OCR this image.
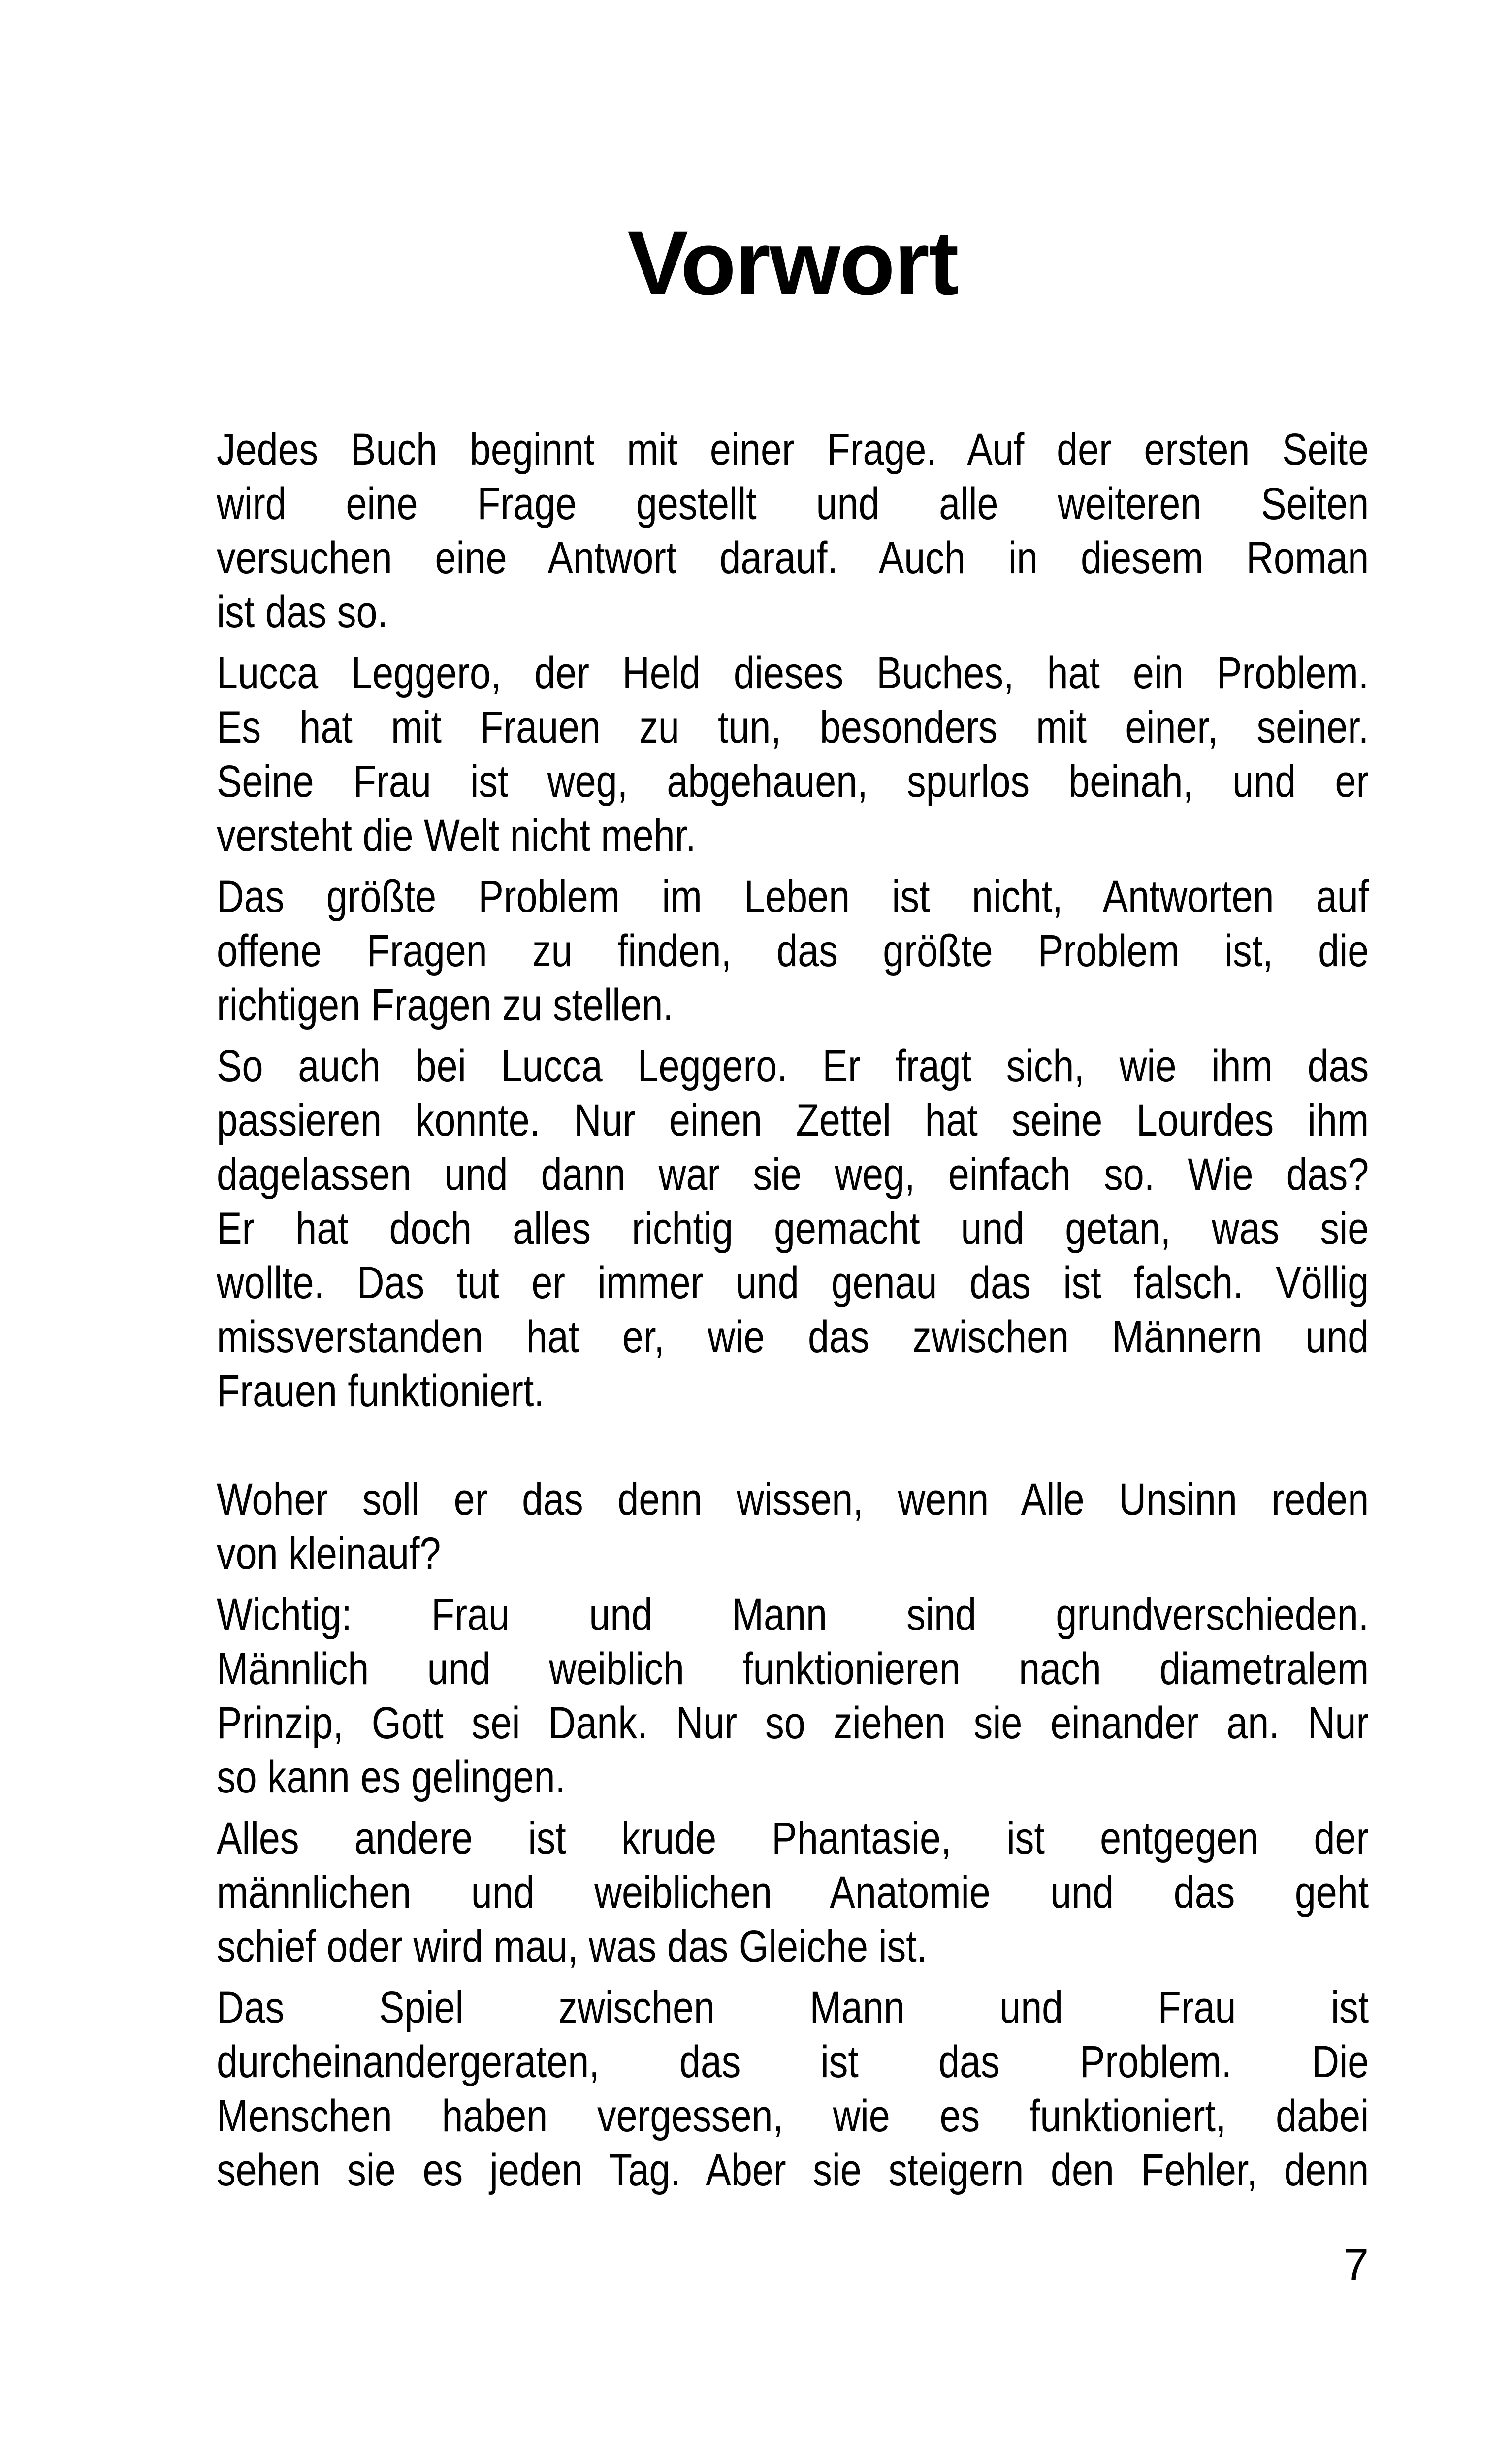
Vorwort
Jedes Buch beginnt mit einer Frage. Auf der ersten Seite
wird eine Frage gestellt und alle weiteren Seiten
versuchen eine Antwort darauf. Auch in diesem Roman
ist das so.
Lucca Leggero, der Held dieses Buches, hat ein Problem.
Es hat mit Frauen zu tun, besonders mit einer, seiner.
Seine Frau ist weg, abgehauen, spurlos beinah, und er
versteht die Welt nicht mehr.
Das größte Problem im Leben ist nicht, Antworten auf
offene Fragen zu finden, das größte Problem ist, die
richtigen Fragen zu stellen.
So auch bei Lucca Leggero. Er fragt sich, wie ihm das
passieren konnte. Nur einen Zettel hat seine Lourdes ihm
dagelassen und dann war sie weg, einfach so. Wie das?
Er hat doch alles richtig gemacht und getan, was sie
wollte. Das tut er immer und genau das ist falsch. Völlig
missverstanden hat er, wie das zwischen Männern und
Frauen funktioniert.
Woher soll er das denn wissen, wenn Alle Unsinn reden
von kleinauf?
Wichtig: Frau und Mann sind grundverschieden.
Männlich und weiblich funktionieren nach diametralem
Prinzip, Gott sei Dank. Nur so ziehen sie einander an. Nur
so kann es gelingen.
Alles andere ist krude Phantasie, ist entgegen der
männlichen und weiblichen Anatomie und das geht
schief oder wird mau, was das Gleiche ist.
Das Spiel zwischen Mann und Frau ist
durcheinandergeraten, das ist das Problem. Die
Menschen haben vergessen, wie es funktioniert, dabei
sehen sie es jeden Tag. Aber sie steigern den Fehler, denn
7
